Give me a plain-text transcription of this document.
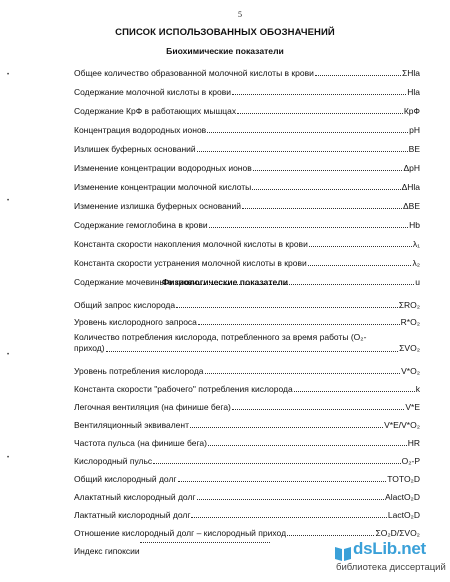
5
СПИСОК ИСПОЛЬЗОВАННЫХ ОБОЗНАЧЕНИЙ
Биохимические показатели
•
•
•
•
Общее количество образованной молочной кислоты в крови	ΣHla
Содержание молочной кислоты в крови	Hla
Содержание КрФ в работающих мышцах	КрФ
Концентрация водородных ионов	pH
Излишек буферных оснований	BE
Изменение концентрации водородных ионов	ΔpH
Изменение концентрации молочной кислоты	ΔHla
Изменение излишка буферных оснований	ΔBE
Содержание гемоглобина в крови	Hb
Константа скорости накопления молочной кислоты в крови	λ₁
Константа скорости устранения молочной кислоты в крови	λ₂
Содержание мочевины в крови	u
Физиологические показатели
Общий запрос кислорода	ΣRO₂
Уровень кислородного запроса	R*O₂
Количество потребления кислорода, потребленного за время работы (O₂-
приход)	ΣVO₂
Уровень потребления кислорода	V*O₂
Константа скорости "рабочего" потребления кислорода	k
Легочная вентиляция (на финише бега)	V*E
Вентиляционный эквивалент	V*E/V*O₂
Частота пульса (на финише бега)	HR
Кислородный пульс	O₂-P
Общий кислородный долг	TOTO₂D
Алактатный кислородный долг	AlactO₂D
Лактатный кислородный долг	LactO₂D
Отношение кислородный долг – кислородный приход	ΣO₂D/ΣVO₂
Индекс гипоксии	dsLib.net
библиотека диссертаций
